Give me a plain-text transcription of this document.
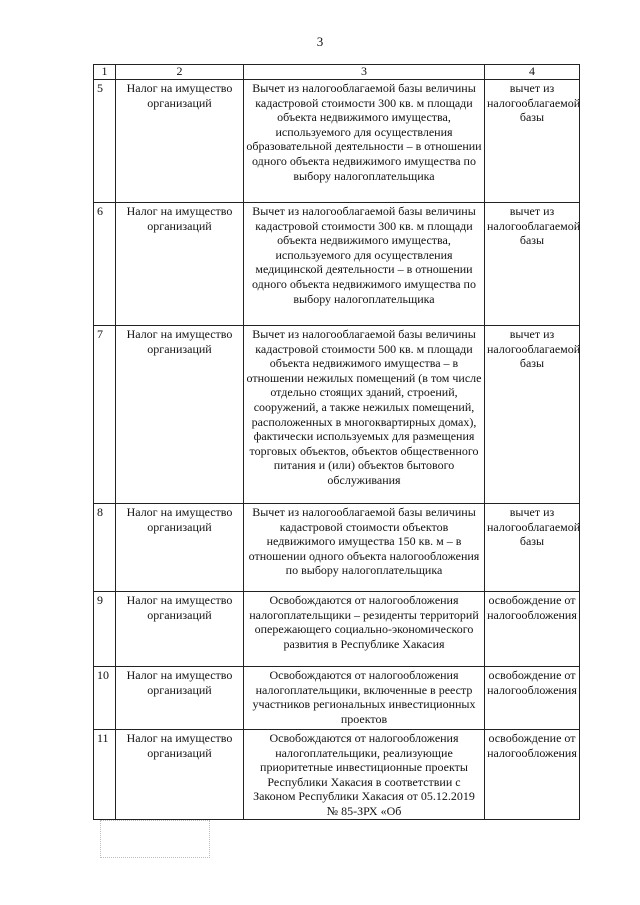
3
1	2	3	4
5	Налог на имущество организаций	Вычет из налогооблагаемой базы величины кадастровой стоимости 300 кв. м площади объекта недвижимого имущества, используемого для осуществления образовательной деятельности – в отношении одного объекта недвижимого имущества по выбору налогоплательщика	вычет из налогооблагаемой базы
6	Налог на имущество организаций	Вычет из налогооблагаемой базы величины кадастровой стоимости 300 кв. м площади объекта недвижимого имущества, используемого для осуществления медицинской деятельности – в отношении одного объекта недвижимого имущества по выбору налогоплательщика	вычет из налогооблагаемой базы
7	Налог на имущество организаций	Вычет из налогооблагаемой базы величины кадастровой стоимости 500 кв. м площади объекта недвижимого имущества – в отношении нежилых помещений (в том числе отдельно стоящих зданий, строений, сооружений, а также нежилых помещений, расположенных в многоквартирных домах), фактически используемых для размещения торговых объектов, объектов общественного питания и (или) объектов бытового обслуживания	вычет из налогооблагаемой базы
8	Налог на имущество организаций	Вычет из налогооблагаемой базы величины кадастровой стоимости объектов недвижимого имущества 150 кв. м – в отношении одного объекта налогообложения по выбору налогоплательщика	вычет из налогооблагаемой базы
9	Налог на имущество организаций	Освобождаются от налогообложения налогоплательщики – резиденты территорий опережающего социально-экономического развития в Республике Хакасия	освобождение от налогообложения
10	Налог на имущество организаций	Освобождаются от налогообложения налогоплательщики, включенные в реестр участников региональных инвестиционных проектов	освобождение от налогообложения
11	Налог на имущество организаций	Освобождаются от налогообложения налогоплательщики, реализующие приоритетные инвестиционные проекты Республики Хакасия в соответствии с Законом Республики Хакасия от 05.12.2019 № 85-ЗРХ «Об	освобождение от налогообложения
